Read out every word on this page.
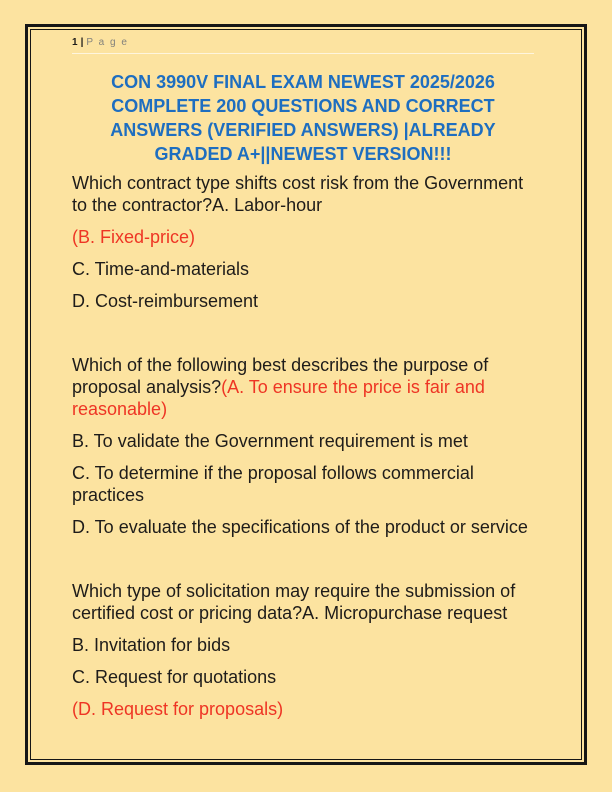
1 | P a g e
CON 3990V FINAL EXAM NEWEST 2025/2026
COMPLETE 200 QUESTIONS AND CORRECT
ANSWERS (VERIFIED ANSWERS) |ALREADY
GRADED A+||NEWEST VERSION!!!
Which contract type shifts cost risk from the Government to the contractor?A. Labor-hour
(B. Fixed-price)
C. Time-and-materials
D. Cost-reimbursement
Which of the following best describes the purpose of proposal analysis?(A. To ensure the price is fair and reasonable)
B. To validate the Government requirement is met
C. To determine if the proposal follows commercial practices
D. To evaluate the specifications of the product or service
Which type of solicitation may require the submission of certified cost or pricing data?A. Micropurchase request
B. Invitation for bids
C. Request for quotations
(D. Request for proposals)
